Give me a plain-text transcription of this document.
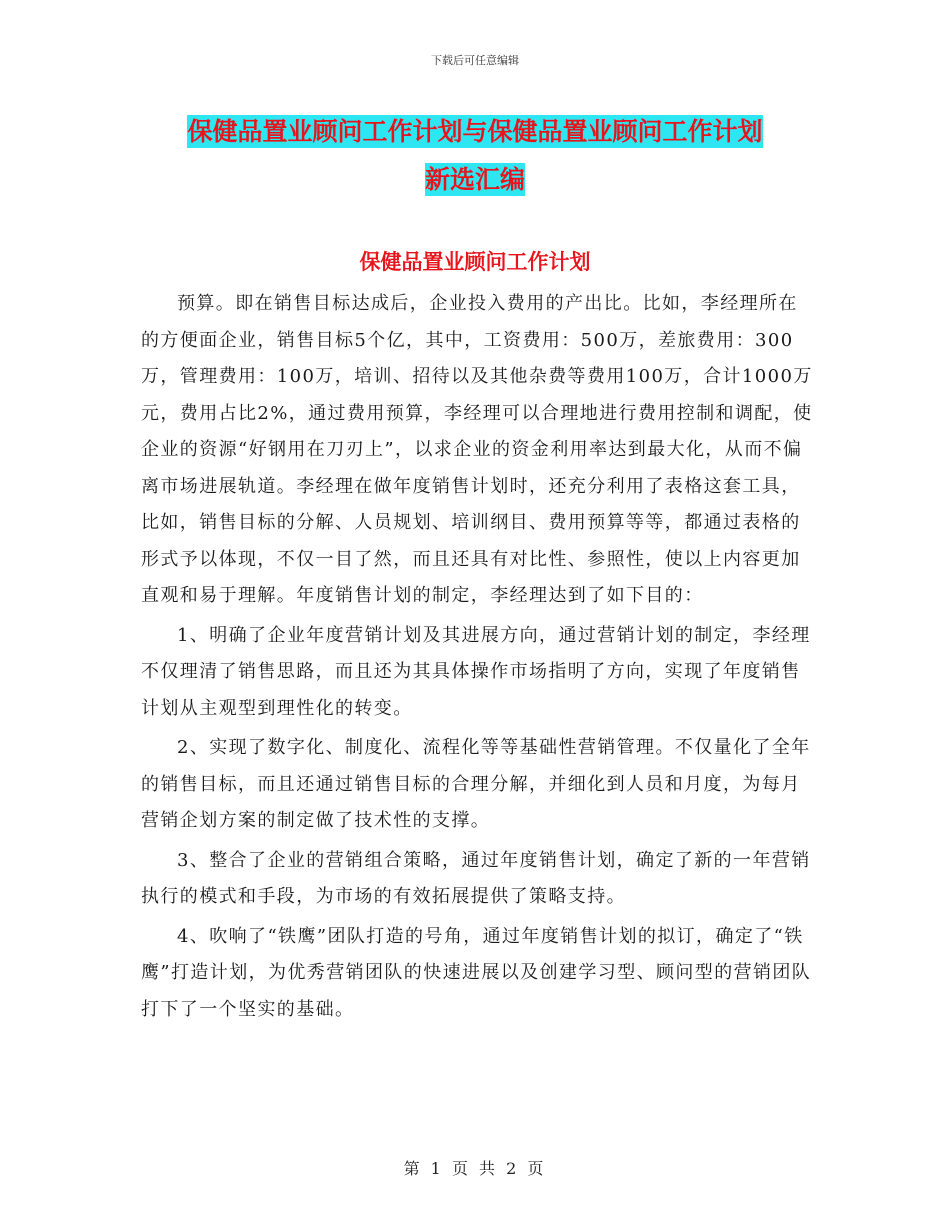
下载后可任意编辑
保健品置业顾问工作计划与保健品置业顾问工作计划
新选汇编
保健品置业顾问工作计划

预算。即在销售目标达成后，企业投入费用的产出比。比如，李经理所在的方便面企业，销售目标5个亿，其中，工资费用：500万，差旅费用：300万，管理费用：100万，培训、招待以及其他杂费等费用100万，合计1000万元，费用占比2%，通过费用预算，李经理可以合理地进行费用控制和调配，使企业的资源“好钢用在刀刃上”，以求企业的资金利用率达到最大化，从而不偏离市场进展轨道。李经理在做年度销售计划时，还充分利用了表格这套工具，比如，销售目标的分解、人员规划、培训纲目、费用预算等等，都通过表格的形式予以体现，不仅一目了然，而且还具有对比性、参照性，使以上内容更加直观和易于理解。年度销售计划的制定，李经理达到了如下目的：

1、明确了企业年度营销计划及其进展方向，通过营销计划的制定，李经理不仅理清了销售思路，而且还为其具体操作市场指明了方向，实现了年度销售计划从主观型到理性化的转变。

2、实现了数字化、制度化、流程化等等基础性营销管理。不仅量化了全年的销售目标，而且还通过销售目标的合理分解，并细化到人员和月度，为每月营销企划方案的制定做了技术性的支撑。

3、整合了企业的营销组合策略，通过年度销售计划，确定了新的一年营销执行的模式和手段，为市场的有效拓展提供了策略支持。

4、吹响了“铁鹰”团队打造的号角，通过年度销售计划的拟订，确定了“铁鹰”打造计划，为优秀营销团队的快速进展以及创建学习型、顾问型的营销团队打下了一个坚实的基础。

第 1 页 共 2 页
